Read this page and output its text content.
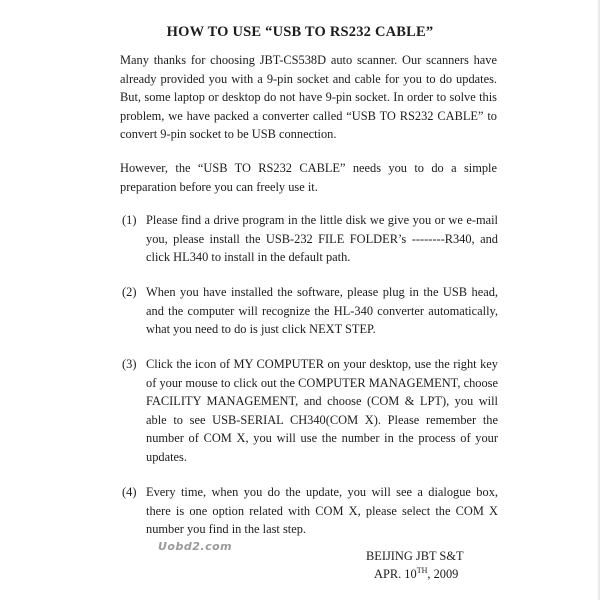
HOW TO USE “USB TO RS232 CABLE”
Many thanks for choosing JBT-CS538D auto scanner. Our scanners have already provided you with a 9-pin socket and cable for you to do updates. But, some laptop or desktop do not have 9-pin socket. In order to solve this problem, we have packed a converter called “USB TO RS232 CABLE” to convert 9-pin socket to be USB connection.
However, the “USB TO RS232 CABLE” needs you to do a simple preparation before you can freely use it.
(1) Please find a drive program in the little disk we give you or we e-mail you, please install the USB-232 FILE FOLDER’s --------R340, and click HL340 to install in the default path.
(2) When you have installed the software, please plug in the USB head, and the computer will recognize the HL-340 converter automatically, what you need to do is just click NEXT STEP.
(3) Click the icon of MY COMPUTER on your desktop, use the right key of your mouse to click out the COMPUTER MANAGEMENT, choose FACILITY MANAGEMENT, and choose (COM & LPT), you will able to see USB-SERIAL CH340(COM X). Please remember the number of COM X, you will use the number in the process of your updates.
(4) Every time, when you do the update, you will see a dialogue box, there is one option related with COM X, please select the COM X number you find in the last step.
Uobd2.com
BEIJING JBT S&T
APR. 10TH, 2009
